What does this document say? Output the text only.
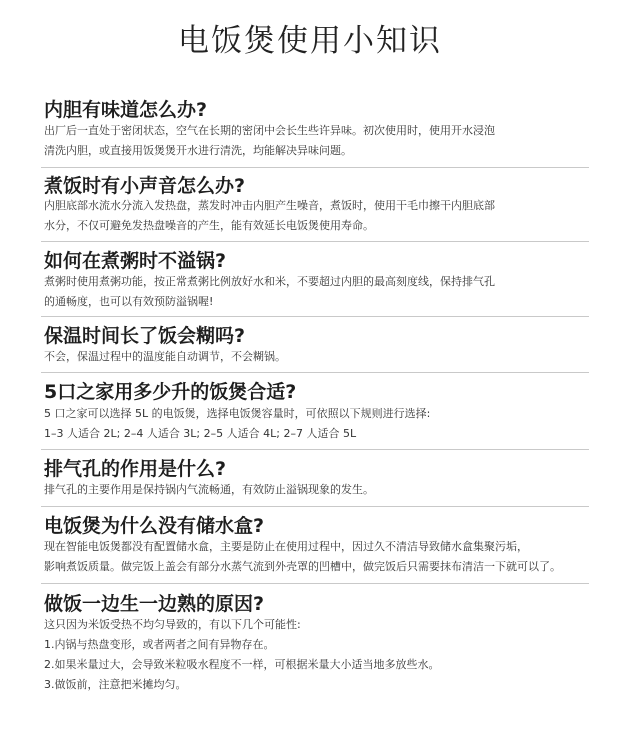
电饭煲使用小知识
内胆有味道怎么办?
出厂后一直处于密闭状态，空气在长期的密闭中会长生些许异味。初次使用时，使用开水浸泡
清洗内胆，或直接用饭煲煲开水进行清洗，均能解决异味问题。
煮饭时有小声音怎么办?
内胆底部水流水分流入发热盘，蒸发时冲击内胆产生噪音，煮饭时，使用干毛巾擦干内胆底部
水分，不仅可避免发热盘噪音的产生，能有效延长电饭煲使用寿命。
如何在煮粥时不溢锅?
煮粥时使用煮粥功能，按正常煮粥比例放好水和米，不要超过内胆的最高刻度线，保持排气孔
的通畅度，也可以有效预防溢锅喔!
保温时间长了饭会糊吗?
不会，保温过程中的温度能自动调节，不会糊锅。
5口之家用多少升的饭煲合适?
5 口之家可以选择 5L 的电饭煲，选择电饭煲容量时，可依照以下规则进行选择:
1–3 人适合 2L; 2–4 人适合 3L; 2–5 人适合 4L; 2–7 人适合 5L
排气孔的作用是什么?
排气孔的主要作用是保持锅内气流畅通，有效防止溢锅现象的发生。
电饭煲为什么没有储水盒?
现在智能电饭煲都没有配置储水盒，主要是防止在使用过程中，因过久不清洁导致储水盒集聚污垢，
影响煮饭质量。做完饭上盖会有部分水蒸气流到外壳罩的凹槽中，做完饭后只需要抹布清洁一下就可以了。
做饭一边生一边熟的原因?
这只因为米饭受热不均匀导致的，有以下几个可能性:
1.内锅与热盘变形，或者两者之间有异物存在。
2.如果米量过大，会导致米粒吸水程度不一样，可根据米量大小适当地多放些水。
3.做饭前，注意把米摊均匀。
